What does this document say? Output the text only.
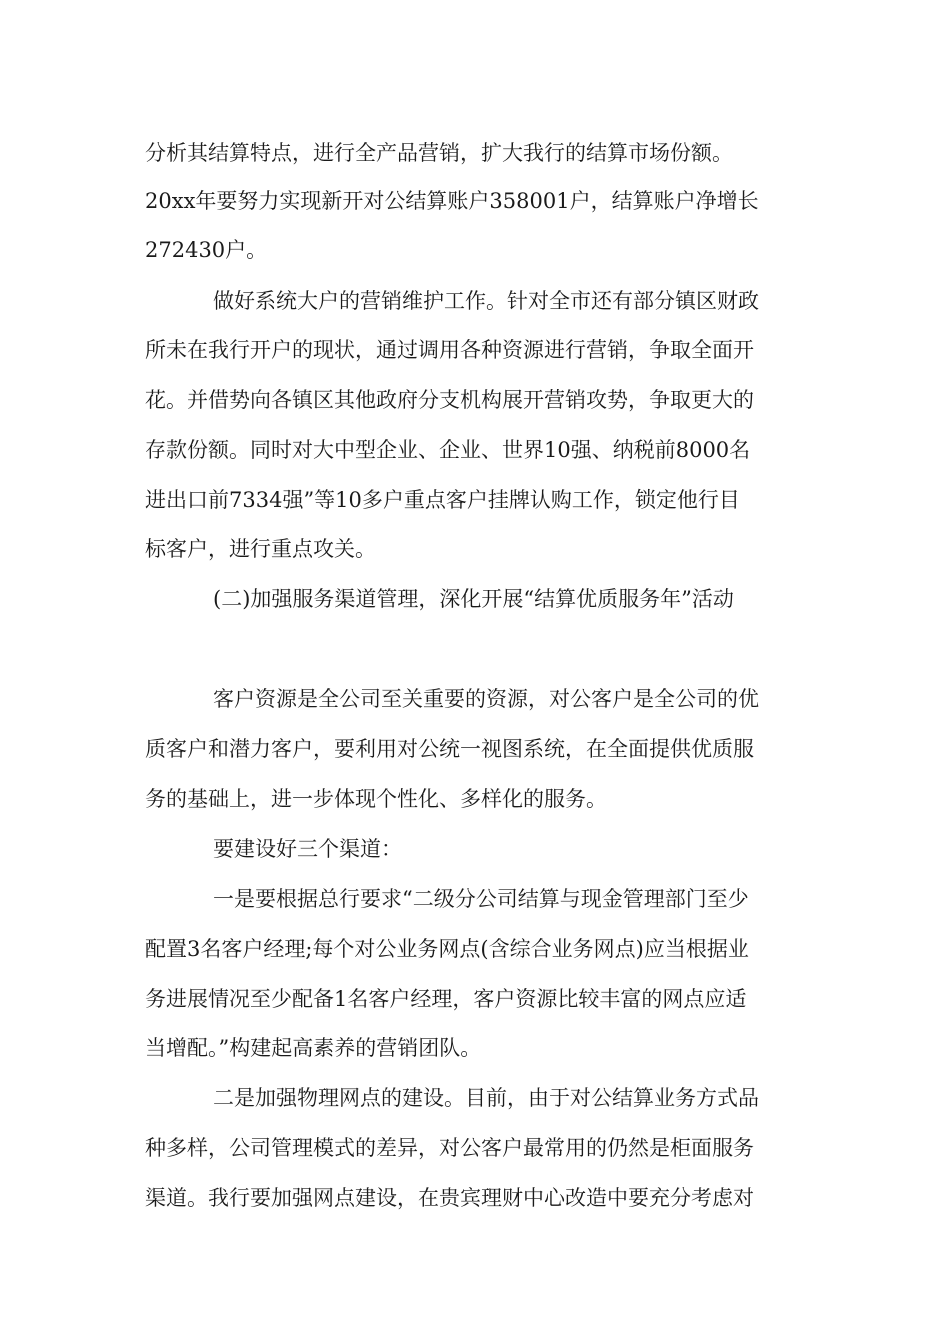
分析其结算特点，进行全产品营销，扩大我行的结算市场份额。
20xx年要努力实现新开对公结算账户358001户，结算账户净增长
272430户。
做好系统大户的营销维护工作。针对全市还有部分镇区财政
所未在我行开户的现状，通过调用各种资源进行营销，争取全面开
花。并借势向各镇区其他政府分支机构展开营销攻势，争取更大的
存款份额。同时对大中型企业、企业、世界10强、纳税前8000名
进出口前7334强”等10多户重点客户挂牌认购工作，锁定他行目
标客户，进行重点攻关。
(二)加强服务渠道管理，深化开展“结算优质服务年”活动
客户资源是全公司至关重要的资源，对公客户是全公司的优
质客户和潜力客户，要利用对公统一视图系统，在全面提供优质服
务的基础上，进一步体现个性化、多样化的服务。
要建设好三个渠道：
一是要根据总行要求“二级分公司结算与现金管理部门至少
配置3名客户经理;每个对公业务网点(含综合业务网点)应当根据业
务进展情况至少配备1名客户经理，客户资源比较丰富的网点应适
当增配。”构建起高素养的营销团队。
二是加强物理网点的建设。目前，由于对公结算业务方式品
种多样，公司管理模式的差异，对公客户最常用的仍然是柜面服务
渠道。我行要加强网点建设，在贵宾理财中心改造中要充分考虑对
